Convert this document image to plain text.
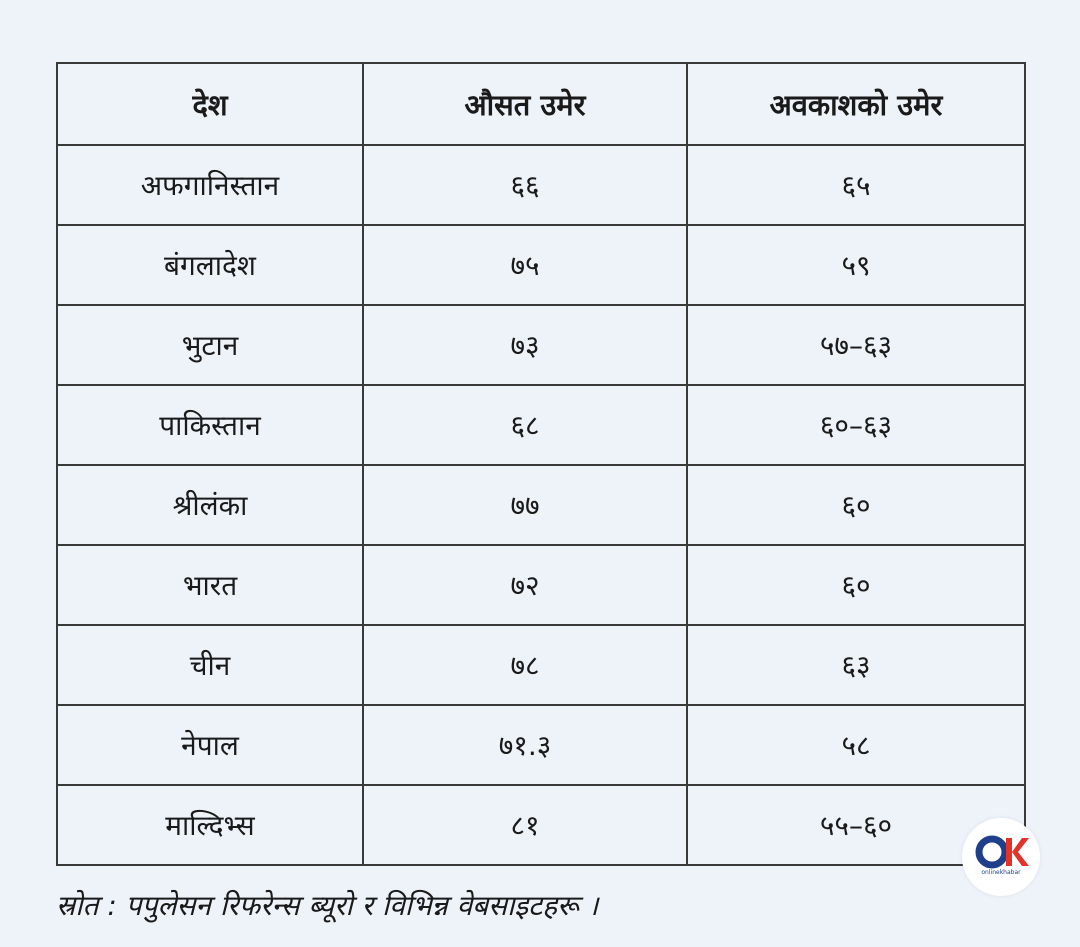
देश	औसत उमेर	अवकाशको उमेर
अफगानिस्तान	६६	६५
बंगलादेश	७५	५९
भुटान	७३	५७–६३
पाकिस्तान	६८	६०–६३
श्रीलंका	७७	६०
भारत	७२	६०
चीन	७८	६३
नेपाल	७१.३	५८
माल्दिभ्स	८१	५५–६०
स्रोत : पपुलेसन रिफरेन्स ब्यूरो र विभिन्न वेबसाइटहरू ।
onlinekhabar
